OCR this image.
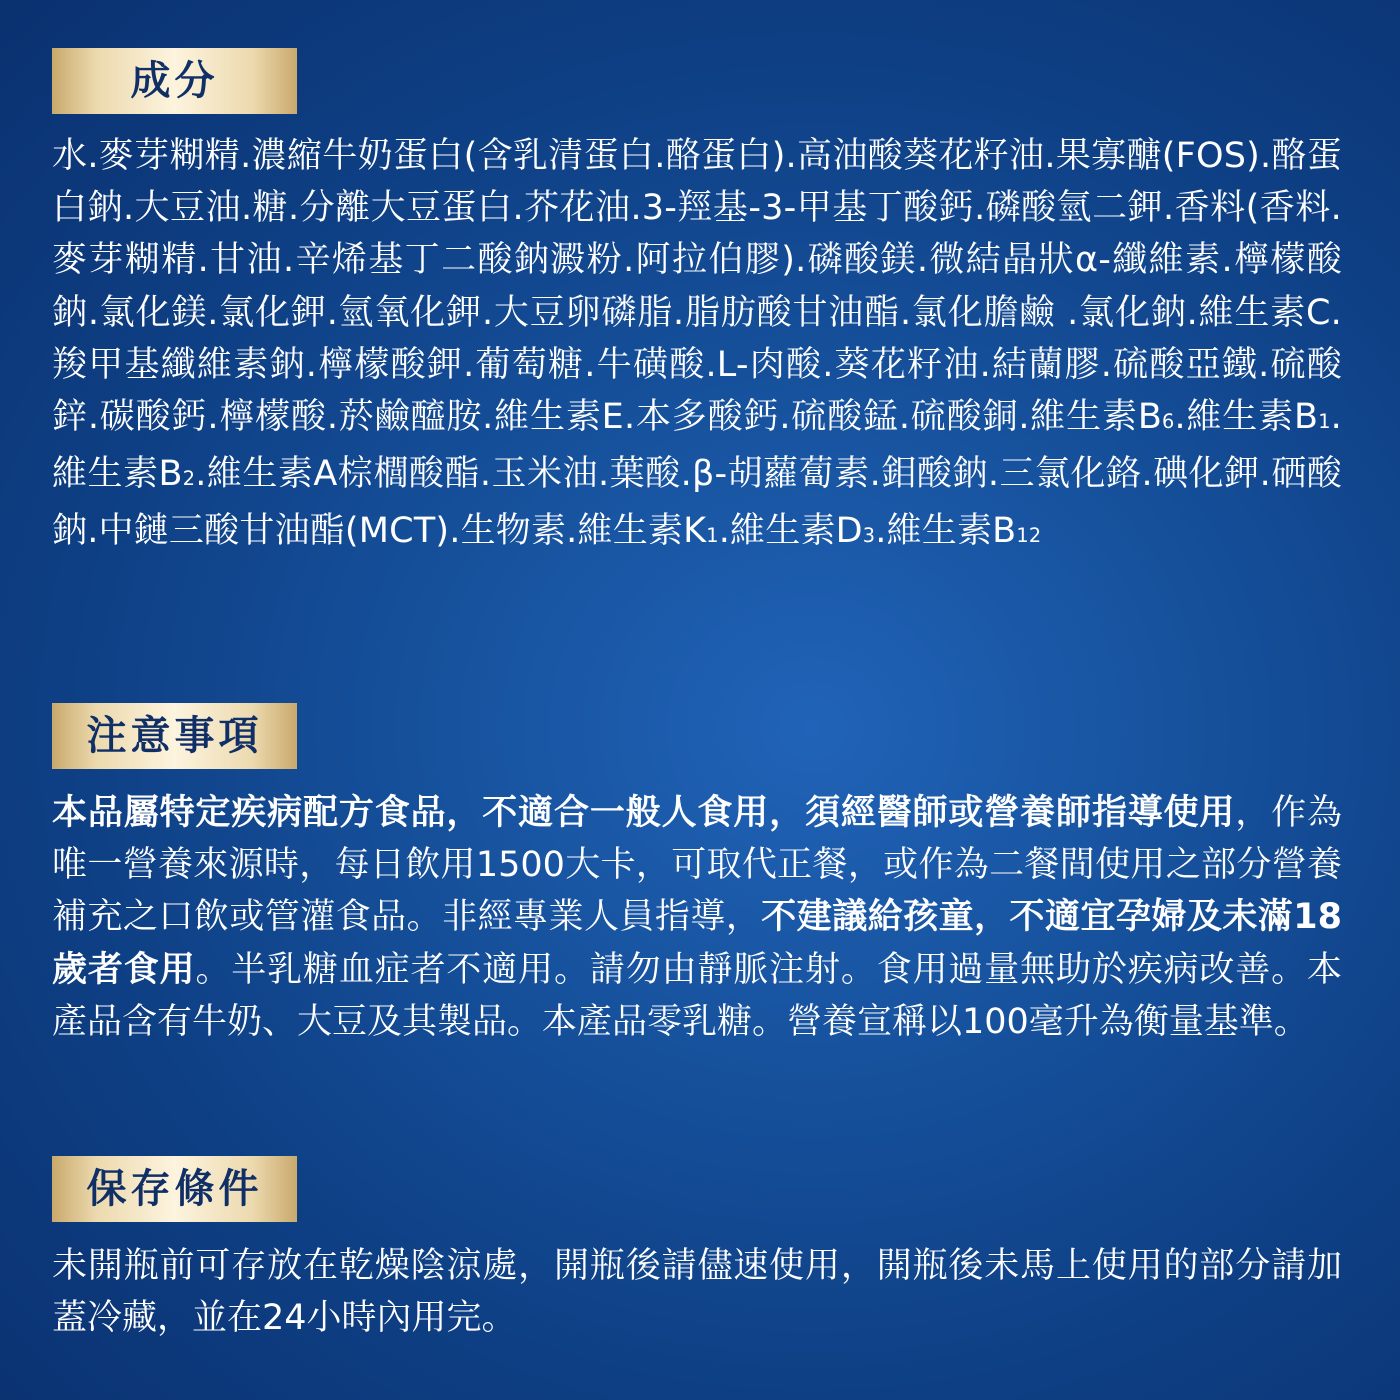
成分
水.麥芽糊精.濃縮牛奶蛋白(含乳清蛋白.酪蛋白).高油酸葵花籽油.果寡醣(FOS).酪蛋白鈉.大豆油.糖.分離大豆蛋白.芥花油.3-羥基-3-甲基丁酸鈣.磷酸氫二鉀.香料(香料.麥芽糊精.甘油.辛烯基丁二酸鈉澱粉.阿拉伯膠).磷酸鎂.微結晶狀α-纖維素.檸檬酸鈉.氯化鎂.氯化鉀.氫氧化鉀.大豆卵磷脂.脂肪酸甘油酯.氯化膽鹼 .氯化鈉.維生素C.羧甲基纖維素鈉.檸檬酸鉀.葡萄糖.牛磺酸.L-肉酸.葵花籽油.結蘭膠.硫酸亞鐵.硫酸鋅.碳酸鈣.檸檬酸.菸鹼醯胺.維生素E.本多酸鈣.硫酸錳.硫酸銅.維生素B6.維生素B1.維生素B2.維生素A棕櫚酸酯.玉米油.葉酸.β-胡蘿蔔素.鉬酸鈉.三氯化鉻.碘化鉀.硒酸鈉.中鏈三酸甘油酯(MCT).生物素.維生素K1.維生素D3.維生素B12
注意事項
本品屬特定疾病配方食品，不適合一般人食用，須經醫師或營養師指導使用，作為唯一營養來源時，每日飲用1500大卡，可取代正餐，或作為二餐間使用之部分營養補充之口飲或管灌食品。非經專業人員指導，不建議給孩童，不適宜孕婦及未滿18歲者食用。半乳糖血症者不適用。請勿由靜脈注射。食用過量無助於疾病改善。本產品含有牛奶、大豆及其製品。本產品零乳糖。營養宣稱以100毫升為衡量基準。
保存條件
未開瓶前可存放在乾燥陰涼處，開瓶後請儘速使用，開瓶後未馬上使用的部分請加蓋冷藏，並在24小時內用完。
